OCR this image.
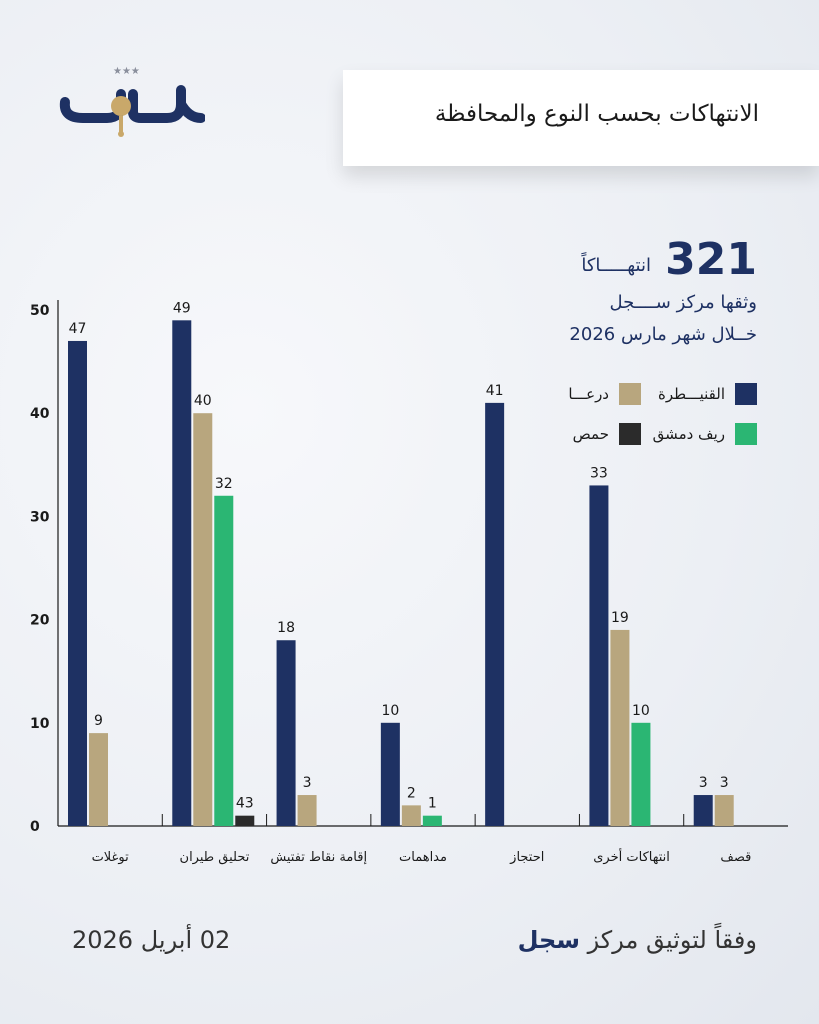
★★★
الانتهاكات بحسب النوع والمحافظة
321
انتهـــــاكاً
وثقها مركز ســــجل
خــلال شهر مارس 2026
القنيـــطرة
درعـــا
ريف دمشق
حمص
0
10
20
30
40
50
47
9
توغلات
49
40
32
43
تحليق طيران
18
3
إقامة نقاط تفتيش
10
2
1
مداهمات
41
احتجاز
33
19
10
انتهاكات أخرى
3 3
قصف
02 أبريل 2026	وفقاً لتوثيق مركز سجل
